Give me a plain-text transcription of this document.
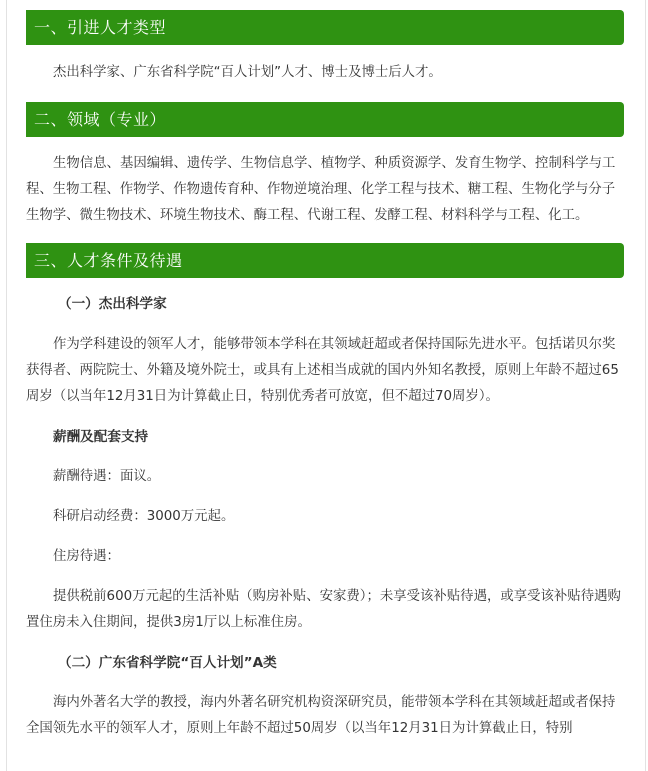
一、引进人才类型

杰出科学家、广东省科学院“百人计划”人才、博士及博士后人才。

二、领域（专业）

生物信息、基因编辑、遗传学、生物信息学、植物学、种质资源学、发育生物学、控制科学与工程、生物工程、作物学、作物遗传育种、作物逆境治理、化学工程与技术、糖工程、生物化学与分子生物学、微生物技术、环境生物技术、酶工程、代谢工程、发酵工程、材料科学与工程、化工。

三、人才条件及待遇

（一）杰出科学家

作为学科建设的领军人才，能够带领本学科在其领域赶超或者保持国际先进水平。包括诺贝尔奖获得者、两院院士、外籍及境外院士，或具有上述相当成就的国内外知名教授，原则上年龄不超过65周岁（以当年12月31日为计算截止日，特别优秀者可放宽，但不超过70周岁）。

薪酬及配套支持

薪酬待遇：面议。

科研启动经费：3000万元起。

住房待遇：

提供税前600万元起的生活补贴（购房补贴、安家费）；未享受该补贴待遇，或享受该补贴待遇购置住房未入住期间，提供3房1厅以上标准住房。

（二）广东省科学院“百人计划”A类

海内外著名大学的教授，海内外著名研究机构资深研究员，能带领本学科在其领域赶超或者保持全国领先水平的领军人才，原则上年龄不超过50周岁（以当年12月31日为计算截止日，特别
